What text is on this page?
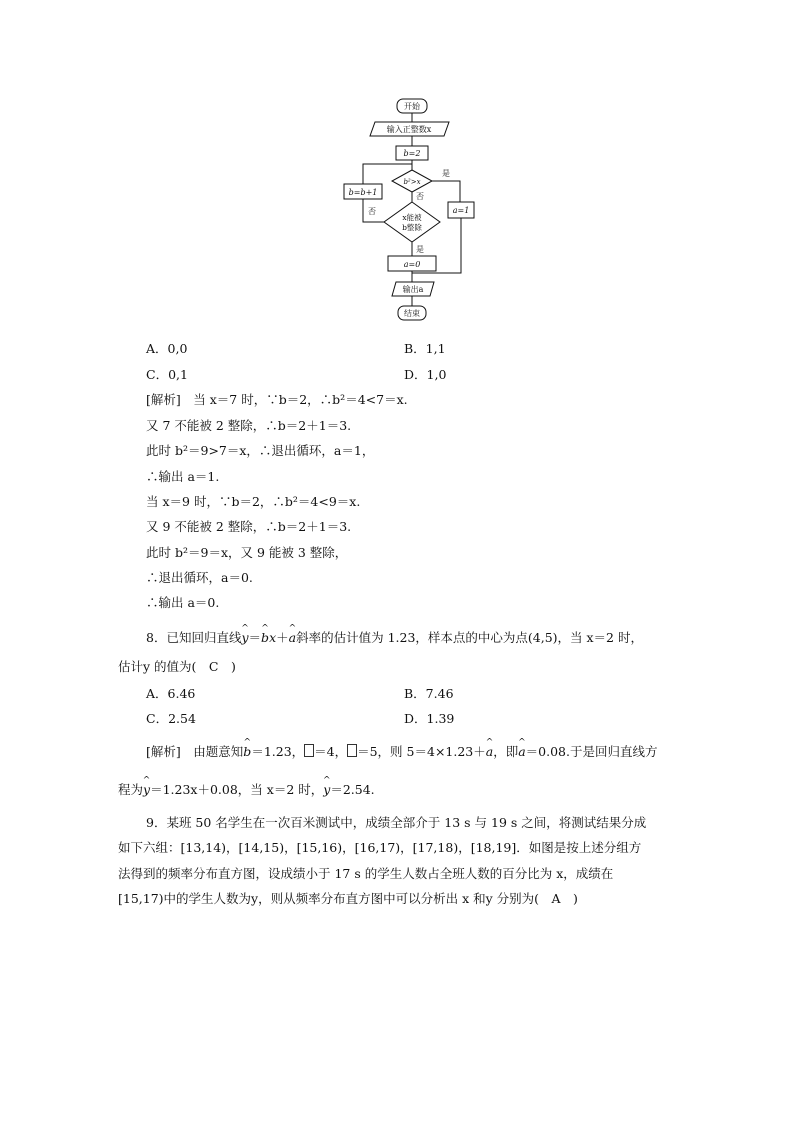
开始
输入正整数x
b=2
b²>x
是
否
a=1
x能被
b整除
否
是
b=b+1
a=0
输出a
结束
A．0,0	B．1,1
C．0,1	D．1,0
[解析]　 当 x＝7 时，∵b＝2，∴b²＝4<7＝x.
又 7 不能被 2 整除，∴b＝2＋1＝3.
此时 b²＝9>7＝x，∴退出循环，a＝1，
∴输出 a＝1.
当 x＝9 时，∵b＝2，∴b²＝4<9＝x.
又 9 不能被 2 整除，∴b＝2＋1＝3.
此时 b²＝9＝x，又 9 能被 3 整除，
∴退出循环，a＝0.
∴输出 a＝0.
8．已知回归直线^ y＝^ bx＋^ a斜率的估计值为 1.23，样本点的中心为点(4,5)，当 x＝2 时，
估计y 的值为(　C　)
A．6.46	B．7.46
C．2.54	D．1.39
[解析]　 由题意知^ b＝1.23， ＝4， ＝5，则 5＝4×1.23＋^ a，即^ a＝0.08.于是回归直线方
程为^ y＝1.23x＋0.08，当 x＝2 时，^ y＝2.54.
9．某班 50 名学生在一次百米测试中，成绩全部介于 13 s 与 19 s 之间，将测试结果分成
如下六组：[13,14)，[14,15)，[15,16)，[16,17)，[17,18)，[18,19]．如图是按上述分组方
法得到的频率分布直方图，设成绩小于 17 s 的学生人数占全班人数的百分比为 x，成绩在
[15,17)中的学生人数为y，则从频率分布直方图中可以分析出 x 和y 分别为(　A　)
